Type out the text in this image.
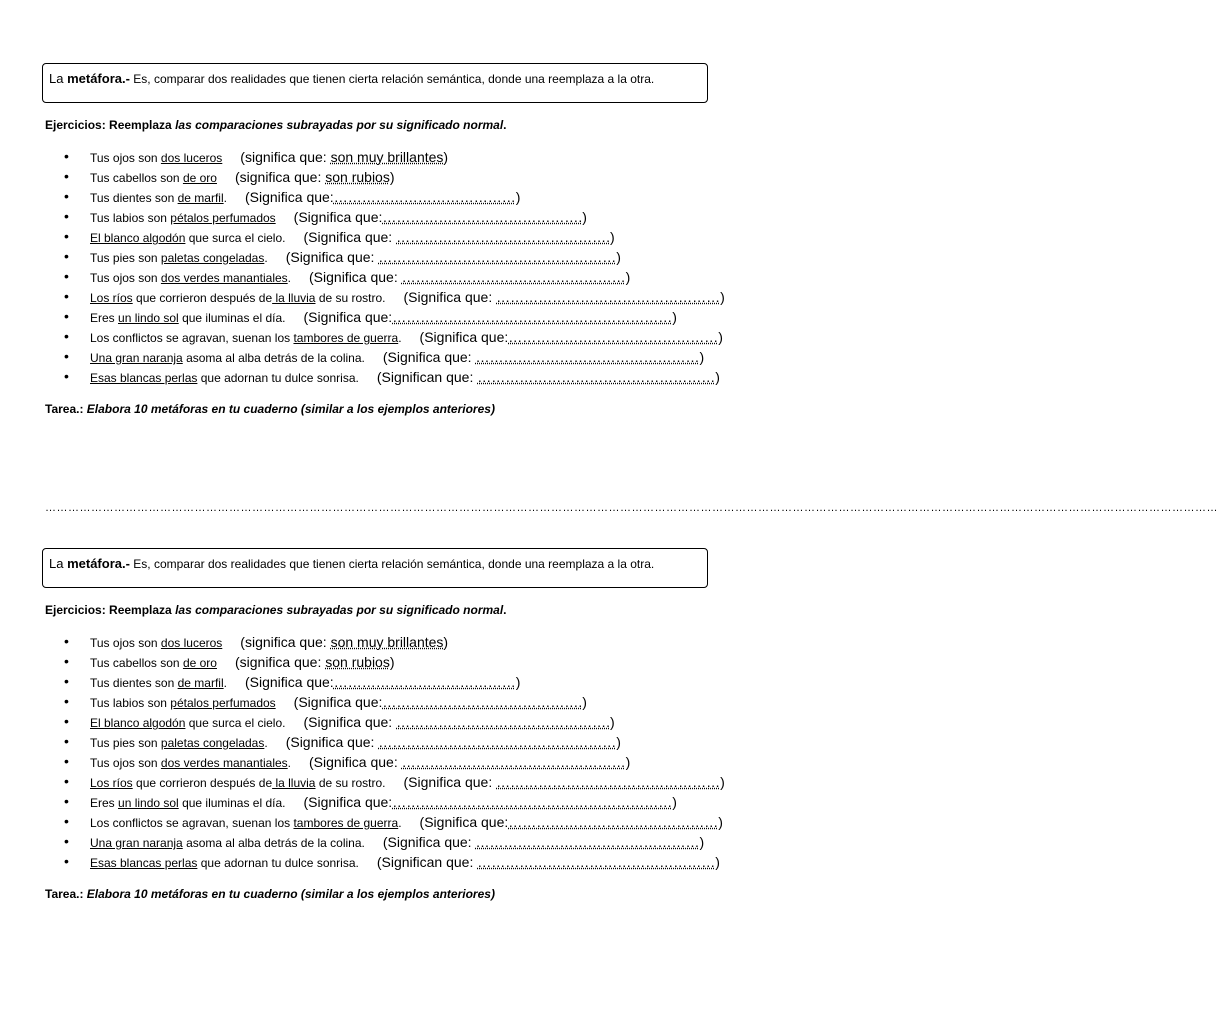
La metáfora.- Es, comparar dos realidades que tienen cierta relación semántica, donde una reemplaza a la otra.
Ejercicios: Reemplaza las comparaciones subrayadas por su significado normal.
• Tus ojos son dos luceros (significa que: son muy brillantes)
• Tus cabellos son de oro (significa que: son rubios)
• Tus dientes son de marfil. (Significa que:…………………………………)
• Tus labios son pétalos perfumados (Significa que:…………………………………….)
• El blanco algodón que surca el cielo. (Significa que: ……………………………………….)
• Tus pies son paletas congeladas. (Significa que: ……………………………………………)
• Tus ojos son dos verdes manantiales. (Significa que: …………………………………………)
• Los ríos que corrieron después de la lluvia de su rostro. (Significa que: …………………………………………)
• Eres un lindo sol que iluminas el día. (Significa que:……………………………………………………)
• Los conflictos se agravan, suenan los tambores de guerra. (Significa que:………………………………………)
• Una gran naranja asoma al alba detrás de la colina. (Significa que: …………………………………………)
• Esas blancas perlas que adornan tu dulce sonrisa. (Significan que: ……………………………………………)
Tarea.: Elabora 10 metáforas en tu cuaderno (similar a los ejemplos anteriores)
………………………………………………………………………………………………………………………………………………………………………………………………………………………………………………………………………………
La metáfora.- Es, comparar dos realidades que tienen cierta relación semántica, donde una reemplaza a la otra.
Ejercicios: Reemplaza las comparaciones subrayadas por su significado normal.
• Tus ojos son dos luceros (significa que: son muy brillantes)
• Tus cabellos son de oro (significa que: son rubios)
• Tus dientes son de marfil. (Significa que:…………………………………)
• Tus labios son pétalos perfumados (Significa que:…………………………………….)
• El blanco algodón que surca el cielo. (Significa que: ……………………………………….)
• Tus pies son paletas congeladas. (Significa que: ……………………………………………)
• Tus ojos son dos verdes manantiales. (Significa que: …………………………………………)
• Los ríos que corrieron después de la lluvia de su rostro. (Significa que: …………………………………………)
• Eres un lindo sol que iluminas el día. (Significa que:……………………………………………………)
• Los conflictos se agravan, suenan los tambores de guerra. (Significa que:………………………………………)
• Una gran naranja asoma al alba detrás de la colina. (Significa que: …………………………………………)
• Esas blancas perlas que adornan tu dulce sonrisa. (Significan que: ……………………………………………)
Tarea.: Elabora 10 metáforas en tu cuaderno (similar a los ejemplos anteriores)
